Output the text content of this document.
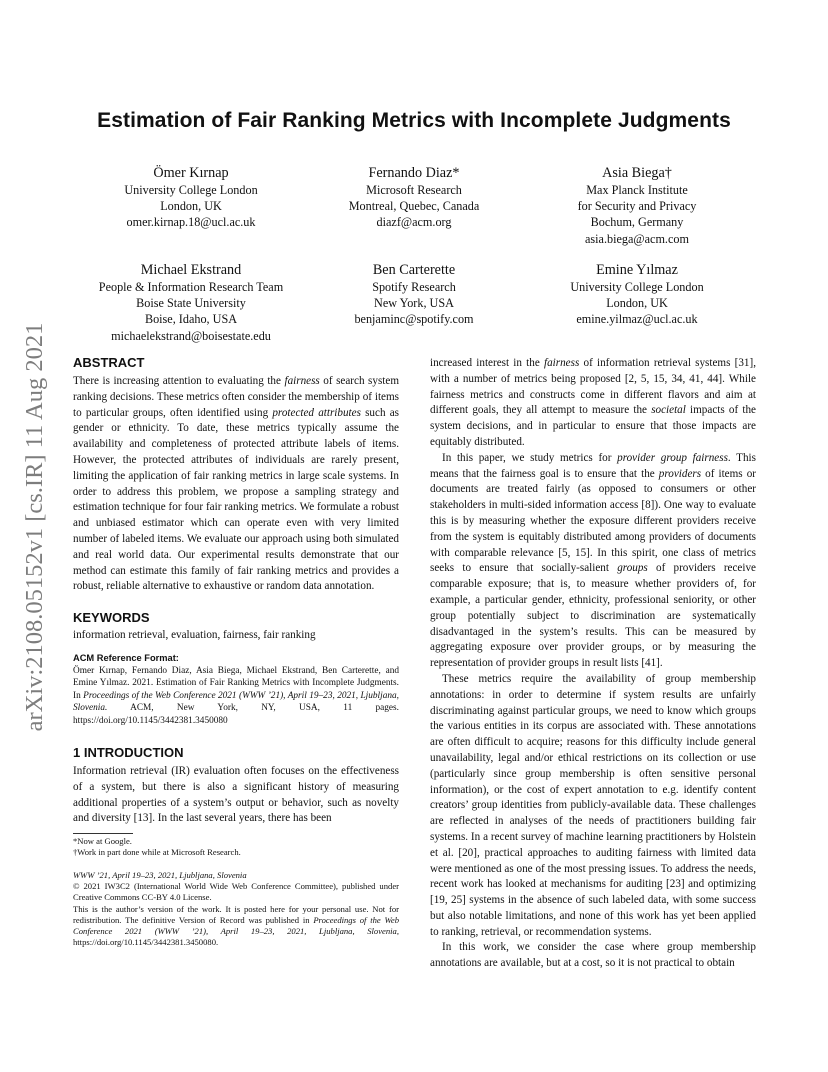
Estimation of Fair Ranking Metrics with Incomplete Judgments
Ömer Kırnap
University College London
London, UK
omer.kirnap.18@ucl.ac.uk
Fernando Diaz*
Microsoft Research
Montreal, Quebec, Canada
diazf@acm.org
Asia Biega†
Max Planck Institute
for Security and Privacy
Bochum, Germany
asia.biega@acm.com
Michael Ekstrand
People & Information Research Team
Boise State University
Boise, Idaho, USA
michaelekstrand@boisestate.edu
Ben Carterette
Spotify Research
New York, USA
benjaminc@spotify.com
Emine Yılmaz
University College London
London, UK
emine.yilmaz@ucl.ac.uk
arXiv:2108.05152v1 [cs.IR] 11 Aug 2021 ABSTRACT

There is increasing attention to evaluating the fairness of search system ranking decisions. These metrics often consider the membership of items to particular groups, often identified using protected attributes such as gender or ethnicity. To date, these metrics typically assume the availability and completeness of protected attribute labels of items. However, the protected attributes of individuals are rarely present, limiting the application of fair ranking metrics in large scale systems. In order to address this problem, we propose a sampling strategy and estimation technique for four fair ranking metrics. We formulate a robust and unbiased estimator which can operate even with very limited number of labeled items. We evaluate our approach using both simulated and real world data. Our experimental results demonstrate that our method can estimate this family of fair ranking metrics and provides a robust, reliable alternative to exhaustive or random data annotation.

KEYWORDS

information retrieval, evaluation, fairness, fair ranking

ACM Reference Format:

Ömer Kırnap, Fernando Diaz, Asia Biega, Michael Ekstrand, Ben Carterette, and Emine Yılmaz. 2021. Estimation of Fair Ranking Metrics with Incomplete Judgments. In Proceedings of the Web Conference 2021 (WWW ’21), April 19–23, 2021, Ljubljana, Slovenia. ACM, New York, NY, USA, 11 pages. https://doi.org/10.1145/3442381.3450080

1 INTRODUCTION

Information retrieval (IR) evaluation often focuses on the effectiveness of a system, but there is also a significant history of measuring additional properties of a system’s output or behavior, such as novelty and diversity [13]. In the last several years, there has been

*Now at Google.

†Work in part done while at Microsoft Research.

WWW ’21, April 19–23, 2021, Ljubljana, Slovenia

© 2021 IW3C2 (International World Wide Web Conference Committee), published under Creative Commons CC-BY 4.0 License.

This is the author’s version of the work. It is posted here for your personal use. Not for redistribution. The definitive Version of Record was published in Proceedings of the Web Conference 2021 (WWW ’21), April 19–23, 2021, Ljubljana, Slovenia, https://doi.org/10.1145/3442381.3450080.

increased interest in the fairness of information retrieval systems [31], with a number of metrics being proposed [2, 5, 15, 34, 41, 44]. While fairness metrics and constructs come in different flavors and aim at different goals, they all attempt to measure the societal impacts of the system decisions, and in particular to ensure that those impacts are equitably distributed.

In this paper, we study metrics for provider group fairness. This means that the fairness goal is to ensure that the providers of items or documents are treated fairly (as opposed to consumers or other stakeholders in multi-sided information access [8]). One way to evaluate this is by measuring whether the exposure different providers receive from the system is equitably distributed among providers of documents with comparable relevance [5, 15]. In this spirit, one class of metrics seeks to ensure that socially-salient groups of providers receive comparable exposure; that is, to measure whether providers of, for example, a particular gender, ethnicity, professional seniority, or other group potentially subject to discrimination are systematically disadvantaged in the system’s results. This can be measured by aggregating exposure over provider groups, or by measuring the representation of provider groups in result lists [41].

These metrics require the availability of group membership annotations: in order to determine if system results are unfairly discriminating against particular groups, we need to know which groups the various entities in its corpus are associated with. These annotations are often difficult to acquire; reasons for this difficulty include general unavailability, legal and/or ethical restrictions on its collection or use (particularly since group membership is often sensitive personal information), or the cost of expert annotation to e.g. identify content creators’ group identities from publicly-available data. These challenges are reflected in analyses of the needs of practitioners building fair systems. In a recent survey of machine learning practitioners by Holstein et al. [20], practical approaches to auditing fairness with limited data were mentioned as one of the most pressing issues. To address the needs, recent work has looked at mechanisms for auditing [23] and optimizing [19, 25] systems in the absence of such labeled data, with some success but also notable limitations, and none of this work has yet been applied to ranking, retrieval, or recommendation systems.

In this work, we consider the case where group membership annotations are available, but at a cost, so it is not practical to obtain
